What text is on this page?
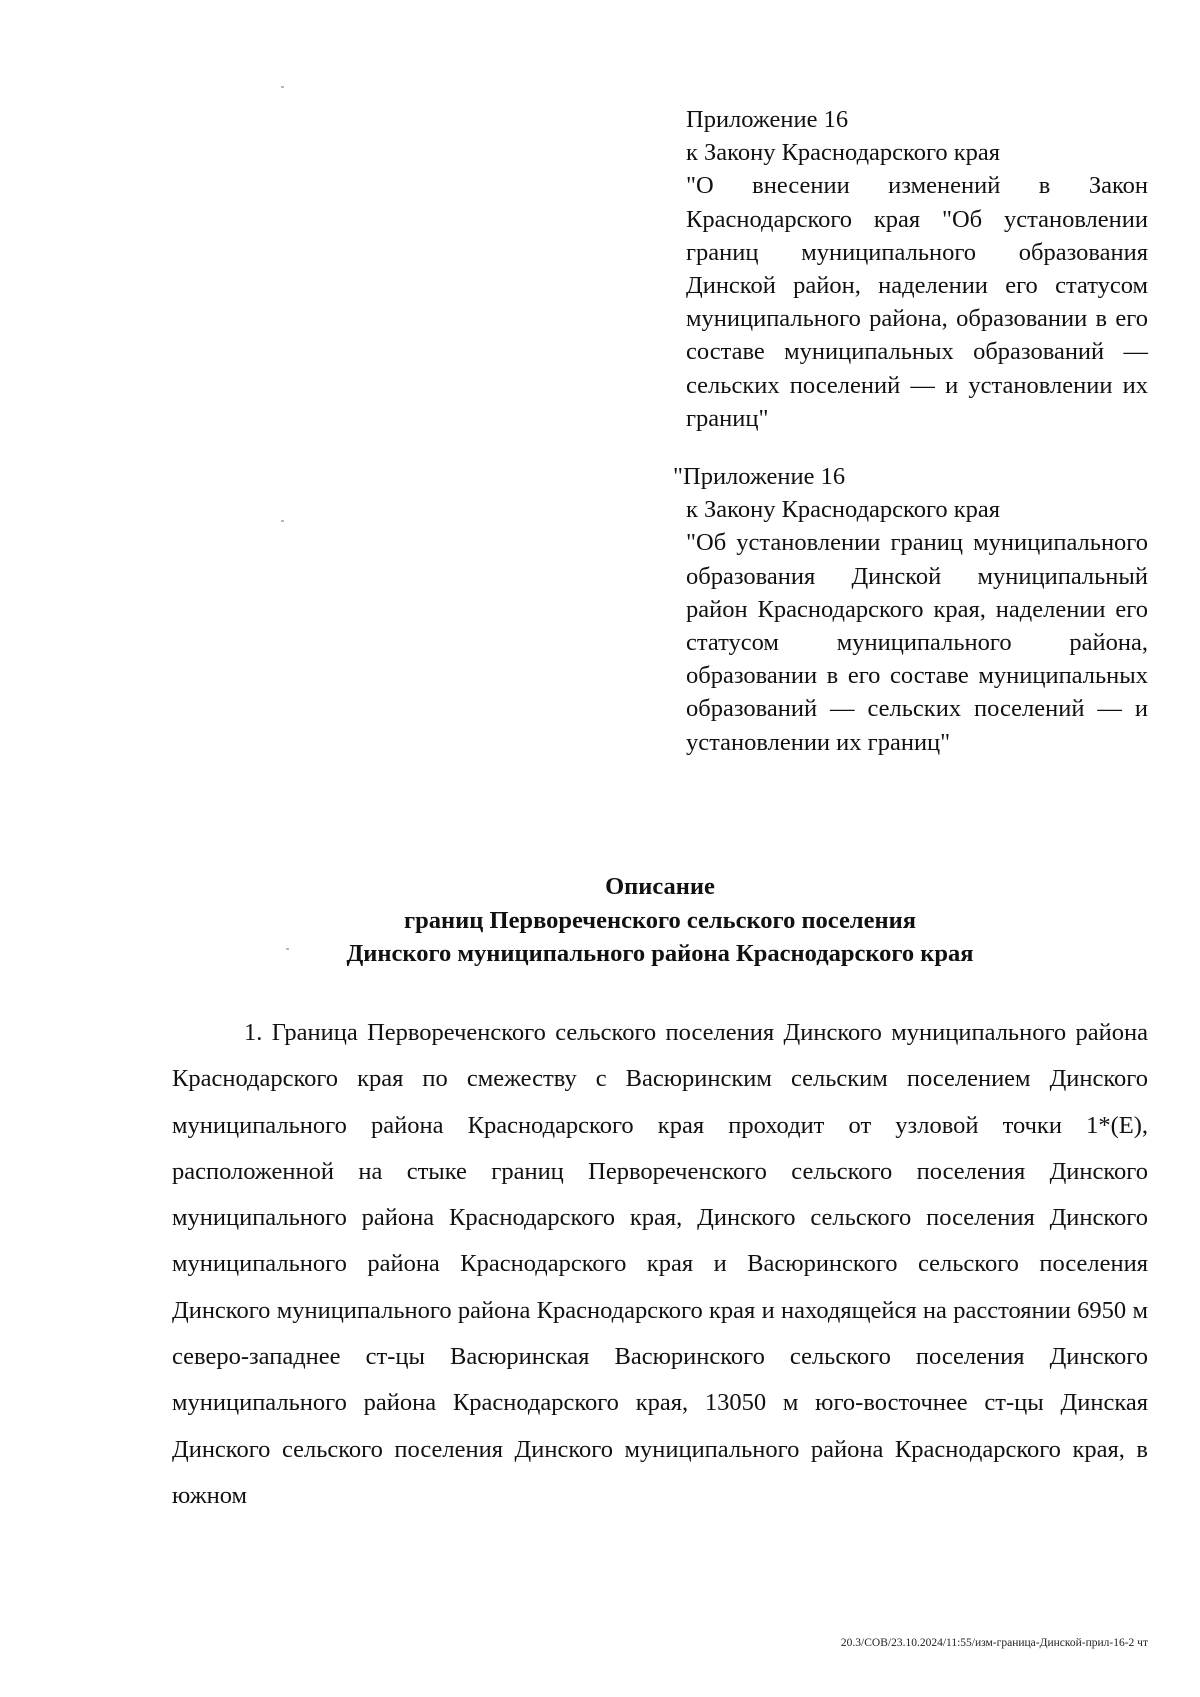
Приложение 16

к Закону Краснодарского края

"О внесении изменений в Закон Краснодарского края "Об установлении границ муниципального образования Динской район, наделении его статусом муниципального района, образовании в его составе муниципальных образований — сельских поселений — и установлении их границ"

"Приложение 16

к Закону Краснодарского края

"Об установлении границ муниципального образования Динской муниципальный район Краснодарского края, наделении его статусом муниципального района, образовании в его составе муниципальных образований — сельских поселений — и установлении их границ"

Описание

границ Первореченского сельского поселения

Динского муниципального района Краснодарского края

1. Граница Первореченского сельского поселения Динского муниципального района Краснодарского края по смежеству с Васюринским сельским поселением Динского муниципального района Краснодарского края проходит от узловой точки 1*(Е), расположенной на стыке границ Первореченского сельского поселения Динского муниципального района Краснодарского края, Динского сельского поселения Динского муниципального района Краснодарского края и Васюринского сельского поселения Динского муниципального района Краснодарского края и находящейся на расстоянии 6950 м северо-западнее ст-цы Васюринская Васюринского сельского поселения Динского муниципального района Краснодарского края, 13050 м юго-восточнее ст-цы Динская Динского сельского поселения Динского муниципального района Краснодарского края, в южном
20.3/СОВ/23.10.2024/11:55/изм-граница-Динской-прил-16-2 чт
